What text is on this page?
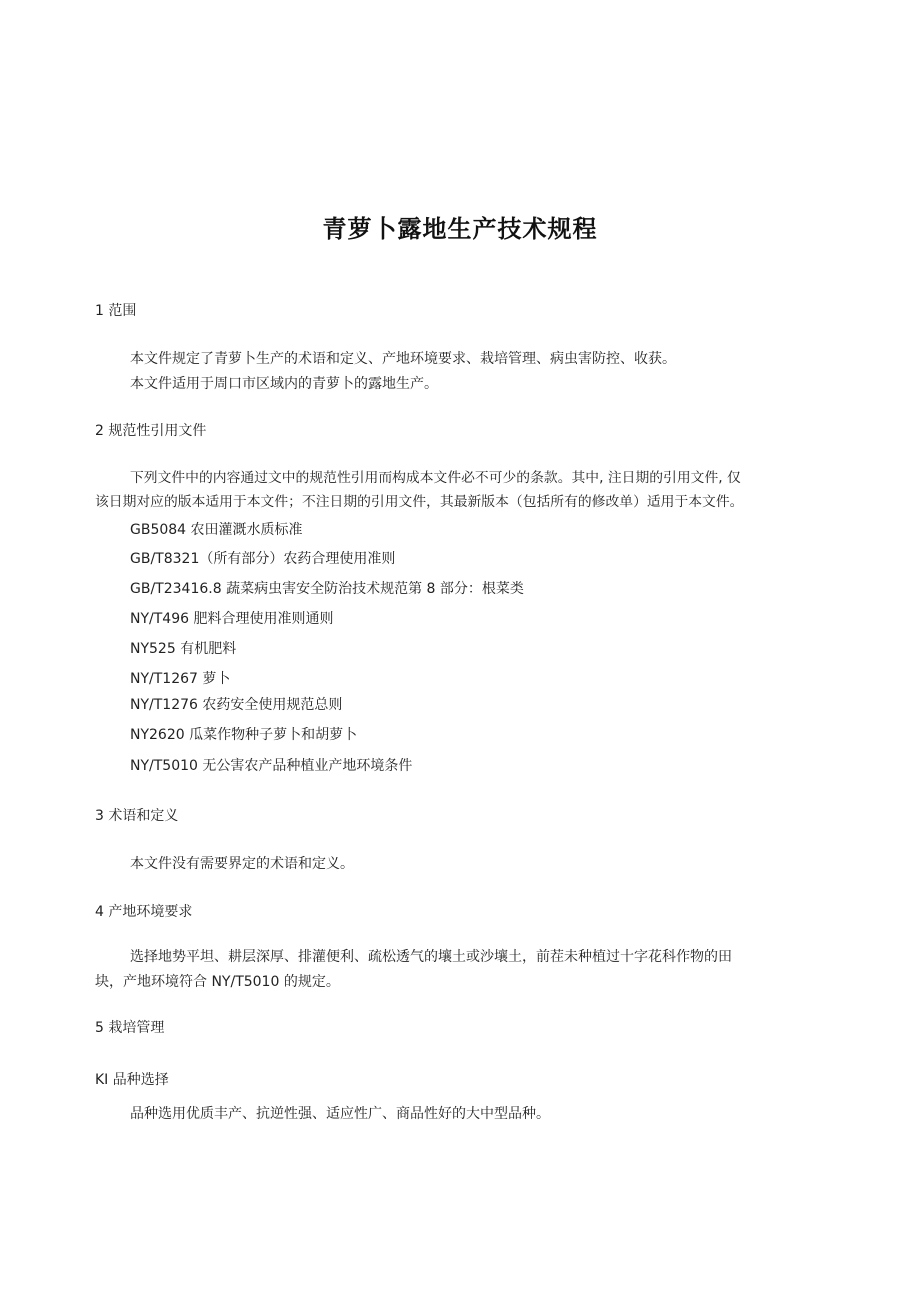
青萝卜露地生产技术规程

1 范围

本文件规定了青萝卜生产的术语和定义、产地环境要求、栽培管理、病虫害防控、收获。

本文件适用于周口市区域内的青萝卜的露地生产。

2 规范性引用文件

下列文件中的内容通过文中的规范性引用而构成本文件必不可少的条款。其中, 注日期的引用文件, 仅

该日期对应的版本适用于本文件；不注日期的引用文件，其最新版本（包括所有的修改单）适用于本文件。

GB5084 农田灌溉水质标准

GB/T8321（所有部分）农药合理使用准则

GB/T23416.8 蔬菜病虫害安全防治技术规范第 8 部分：根菜类

NY/T496 肥料合理使用准则通则

NY525 有机肥料

NY/T1267 萝卜

NY/T1276 农药安全使用规范总则

NY2620 瓜菜作物种子萝卜和胡萝卜

NY/T5010 无公害农产品种植业产地环境条件

3 术语和定义

本文件没有需要界定的术语和定义。

4 产地环境要求

选择地势平坦、耕层深厚、排灌便利、疏松透气的壤土或沙壤土，前茬未种植过十字花科作物的田

块，产地环境符合 NY/T5010 的规定。

5 栽培管理

KI 品种选择

品种选用优质丰产、抗逆性强、适应性广、商品性好的大中型品种。
